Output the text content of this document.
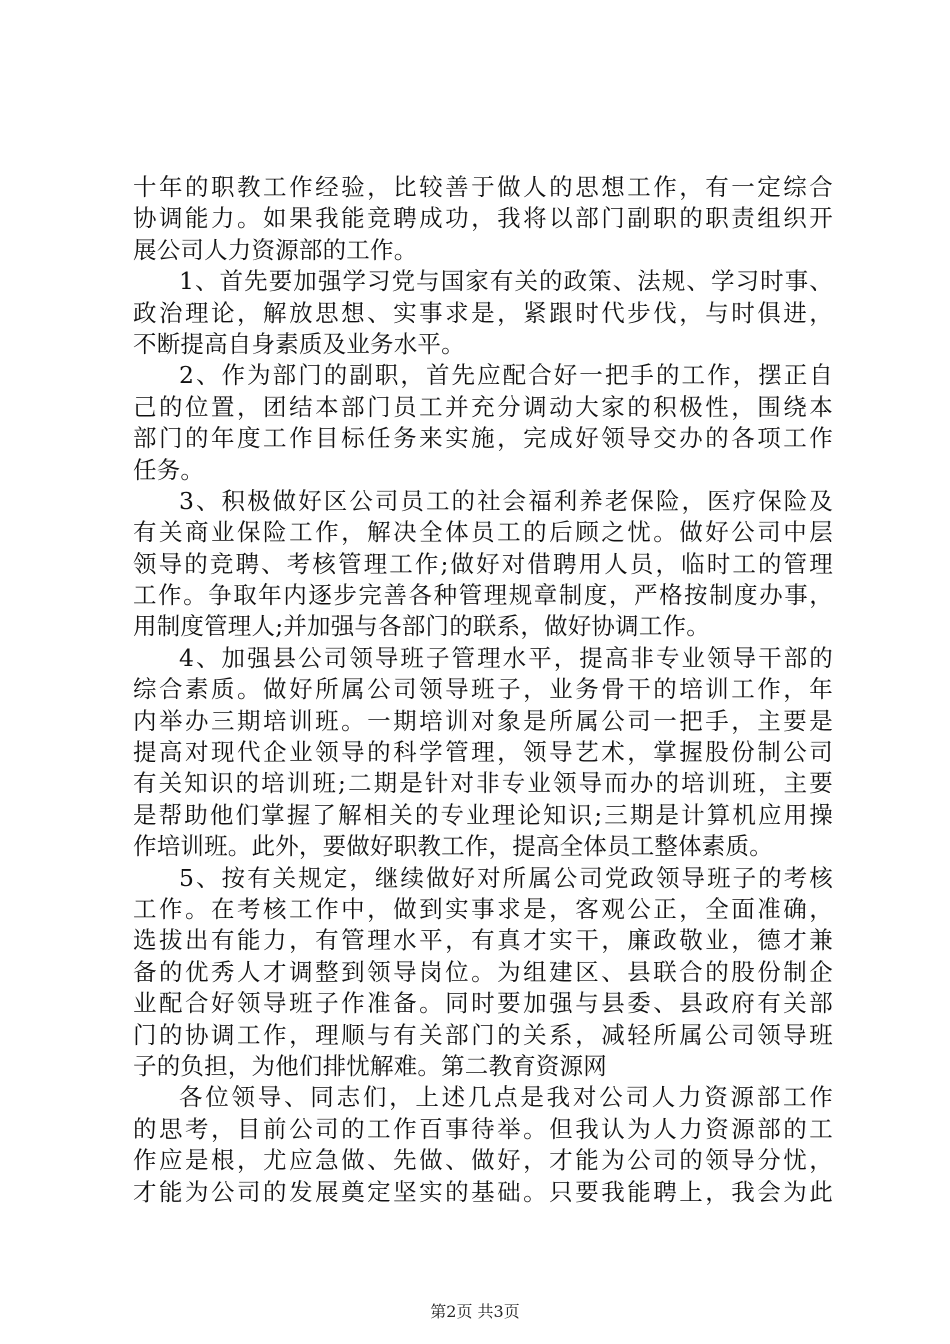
十年的职教工作经验，比较善于做人的思想工作，有一定综合
协调能力。如果我能竞聘成功，我将以部门副职的职责组织开
展公司人力资源部的工作。
1、首先要加强学习党与国家有关的政策、法规、学习时事、
政治理论，解放思想、实事求是，紧跟时代步伐，与时俱进，
不断提高自身素质及业务水平。
2、作为部门的副职，首先应配合好一把手的工作，摆正自
己的位置，团结本部门员工并充分调动大家的积极性，围绕本
部门的年度工作目标任务来实施，完成好领导交办的各项工作
任务。
3、积极做好区公司员工的社会福利养老保险，医疗保险及
有关商业保险工作，解决全体员工的后顾之忧。做好公司中层
领导的竞聘、考核管理工作;做好对借聘用人员，临时工的管理
工作。争取年内逐步完善各种管理规章制度，严格按制度办事，
用制度管理人;并加强与各部门的联系，做好协调工作。
4、加强县公司领导班子管理水平，提高非专业领导干部的
综合素质。做好所属公司领导班子，业务骨干的培训工作，年
内举办三期培训班。一期培训对象是所属公司一把手，主要是
提高对现代企业领导的科学管理，领导艺术，掌握股份制公司
有关知识的培训班;二期是针对非专业领导而办的培训班，主要
是帮助他们掌握了解相关的专业理论知识;三期是计算机应用操
作培训班。此外，要做好职教工作，提高全体员工整体素质。
5、按有关规定，继续做好对所属公司党政领导班子的考核
工作。在考核工作中，做到实事求是，客观公正，全面准确，
选拔出有能力，有管理水平，有真才实干，廉政敬业，德才兼
备的优秀人才调整到领导岗位。为组建区、县联合的股份制企
业配合好领导班子作准备。同时要加强与县委、县政府有关部
门的协调工作，理顺与有关部门的关系，减轻所属公司领导班
子的负担，为他们排忧解难。第二教育资源网
各位领导、同志们，上述几点是我对公司人力资源部工作
的思考，目前公司的工作百事待举。但我认为人力资源部的工
作应是根，尤应急做、先做、做好，才能为公司的领导分忧，
才能为公司的发展奠定坚实的基础。只要我能聘上，我会为此
第2页 共3页
